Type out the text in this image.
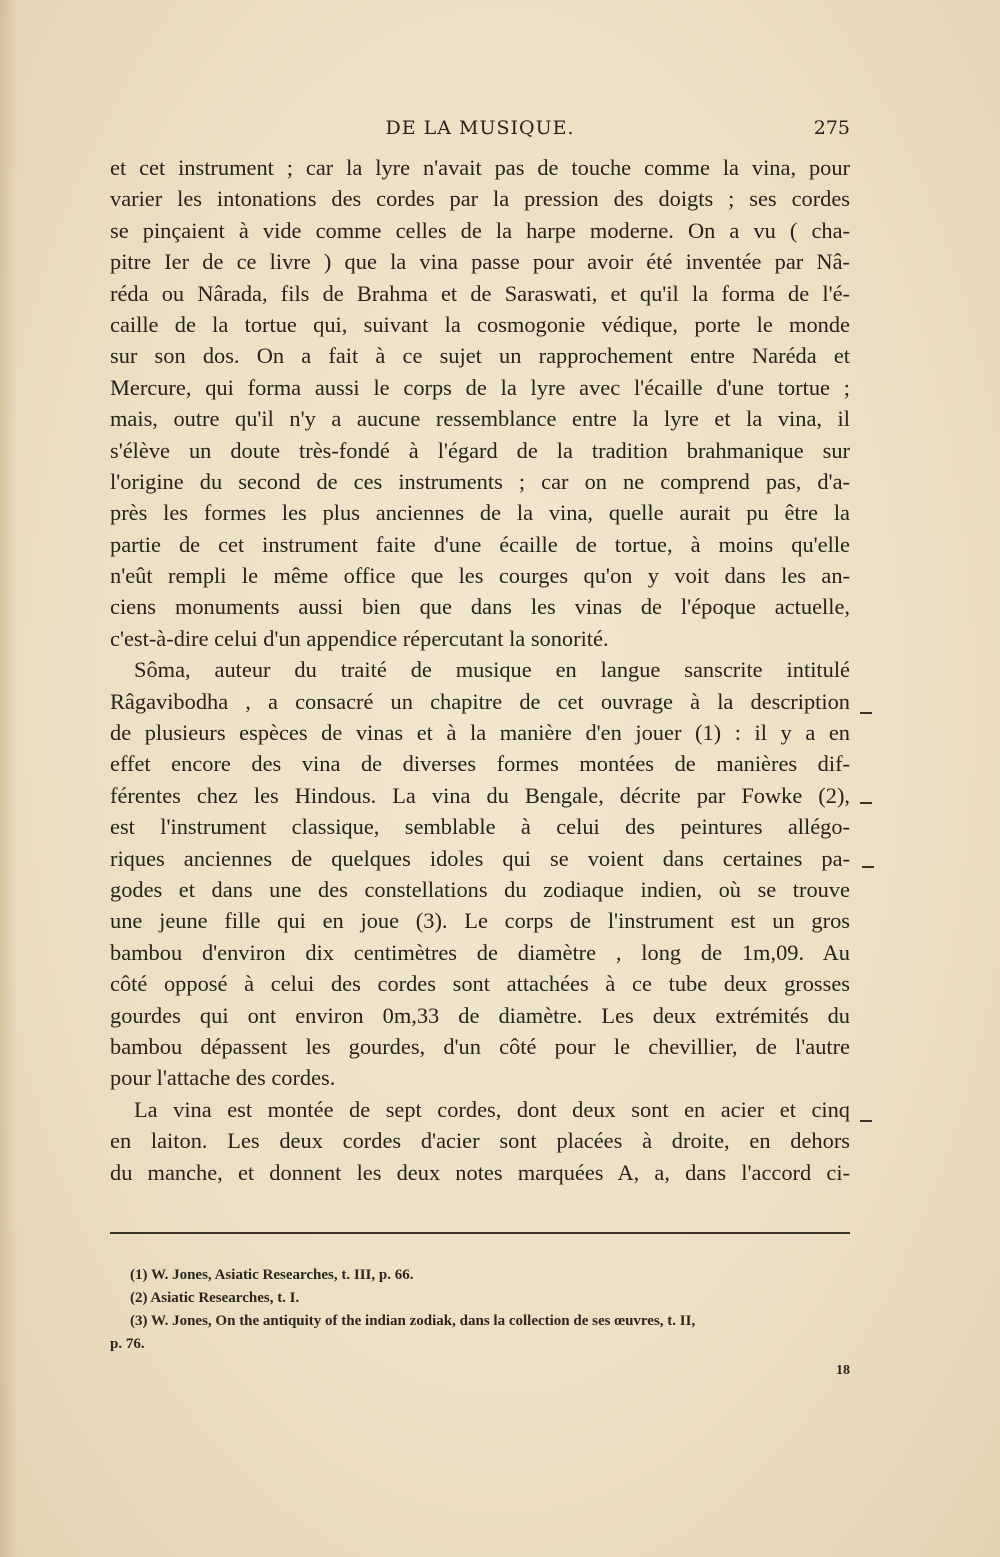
DE LA MUSIQUE.	275
et cet instrument ; car la lyre n'avait pas de touche comme la vina, pour
varier les intonations des cordes par la pression des doigts ; ses cordes
se pinçaient à vide comme celles de la harpe moderne. On a vu ( cha-
pitre Ier de ce livre ) que la vina passe pour avoir été inventée par Nâ-
réda ou Nârada, fils de Brahma et de Saraswati, et qu'il la forma de l'é-
caille de la tortue qui, suivant la cosmogonie védique, porte le monde
sur son dos. On a fait à ce sujet un rapprochement entre Naréda et
Mercure, qui forma aussi le corps de la lyre avec l'écaille d'une tortue ;
mais, outre qu'il n'y a aucune ressemblance entre la lyre et la vina, il
s'élève un doute très-fondé à l'égard de la tradition brahmanique sur
l'origine du second de ces instruments ; car on ne comprend pas, d'a-
près les formes les plus anciennes de la vina, quelle aurait pu être la
partie de cet instrument faite d'une écaille de tortue, à moins qu'elle
n'eût rempli le même office que les courges qu'on y voit dans les an-
ciens monuments aussi bien que dans les vinas de l'époque actuelle,
c'est-à-dire celui d'un appendice répercutant la sonorité.
Sôma, auteur du traité de musique en langue sanscrite intitulé
Râgavibodha , a consacré un chapitre de cet ouvrage à la description
de plusieurs espèces de vinas et à la manière d'en jouer (1) : il y a en
effet encore des vina de diverses formes montées de manières dif-
férentes chez les Hindous. La vina du Bengale, décrite par Fowke (2),
est l'instrument classique, semblable à celui des peintures allégo-
riques anciennes de quelques idoles qui se voient dans certaines pa-
godes et dans une des constellations du zodiaque indien, où se trouve
une jeune fille qui en joue (3). Le corps de l'instrument est un gros
bambou d'environ dix centimètres de diamètre , long de 1m,09. Au
côté opposé à celui des cordes sont attachées à ce tube deux grosses
gourdes qui ont environ 0m,33 de diamètre. Les deux extrémités du
bambou dépassent les gourdes, d'un côté pour le chevillier, de l'autre
pour l'attache des cordes.
La vina est montée de sept cordes, dont deux sont en acier et cinq
en laiton. Les deux cordes d'acier sont placées à droite, en dehors
du manche, et donnent les deux notes marquées A, a, dans l'accord ci-
(1) W. Jones, Asiatic Researches, t. III, p. 66.
(2) Asiatic Researches, t. I.
(3) W. Jones, On the antiquity of the indian zodiak, dans la collection de ses œuvres, t. II,
p. 76.
18
